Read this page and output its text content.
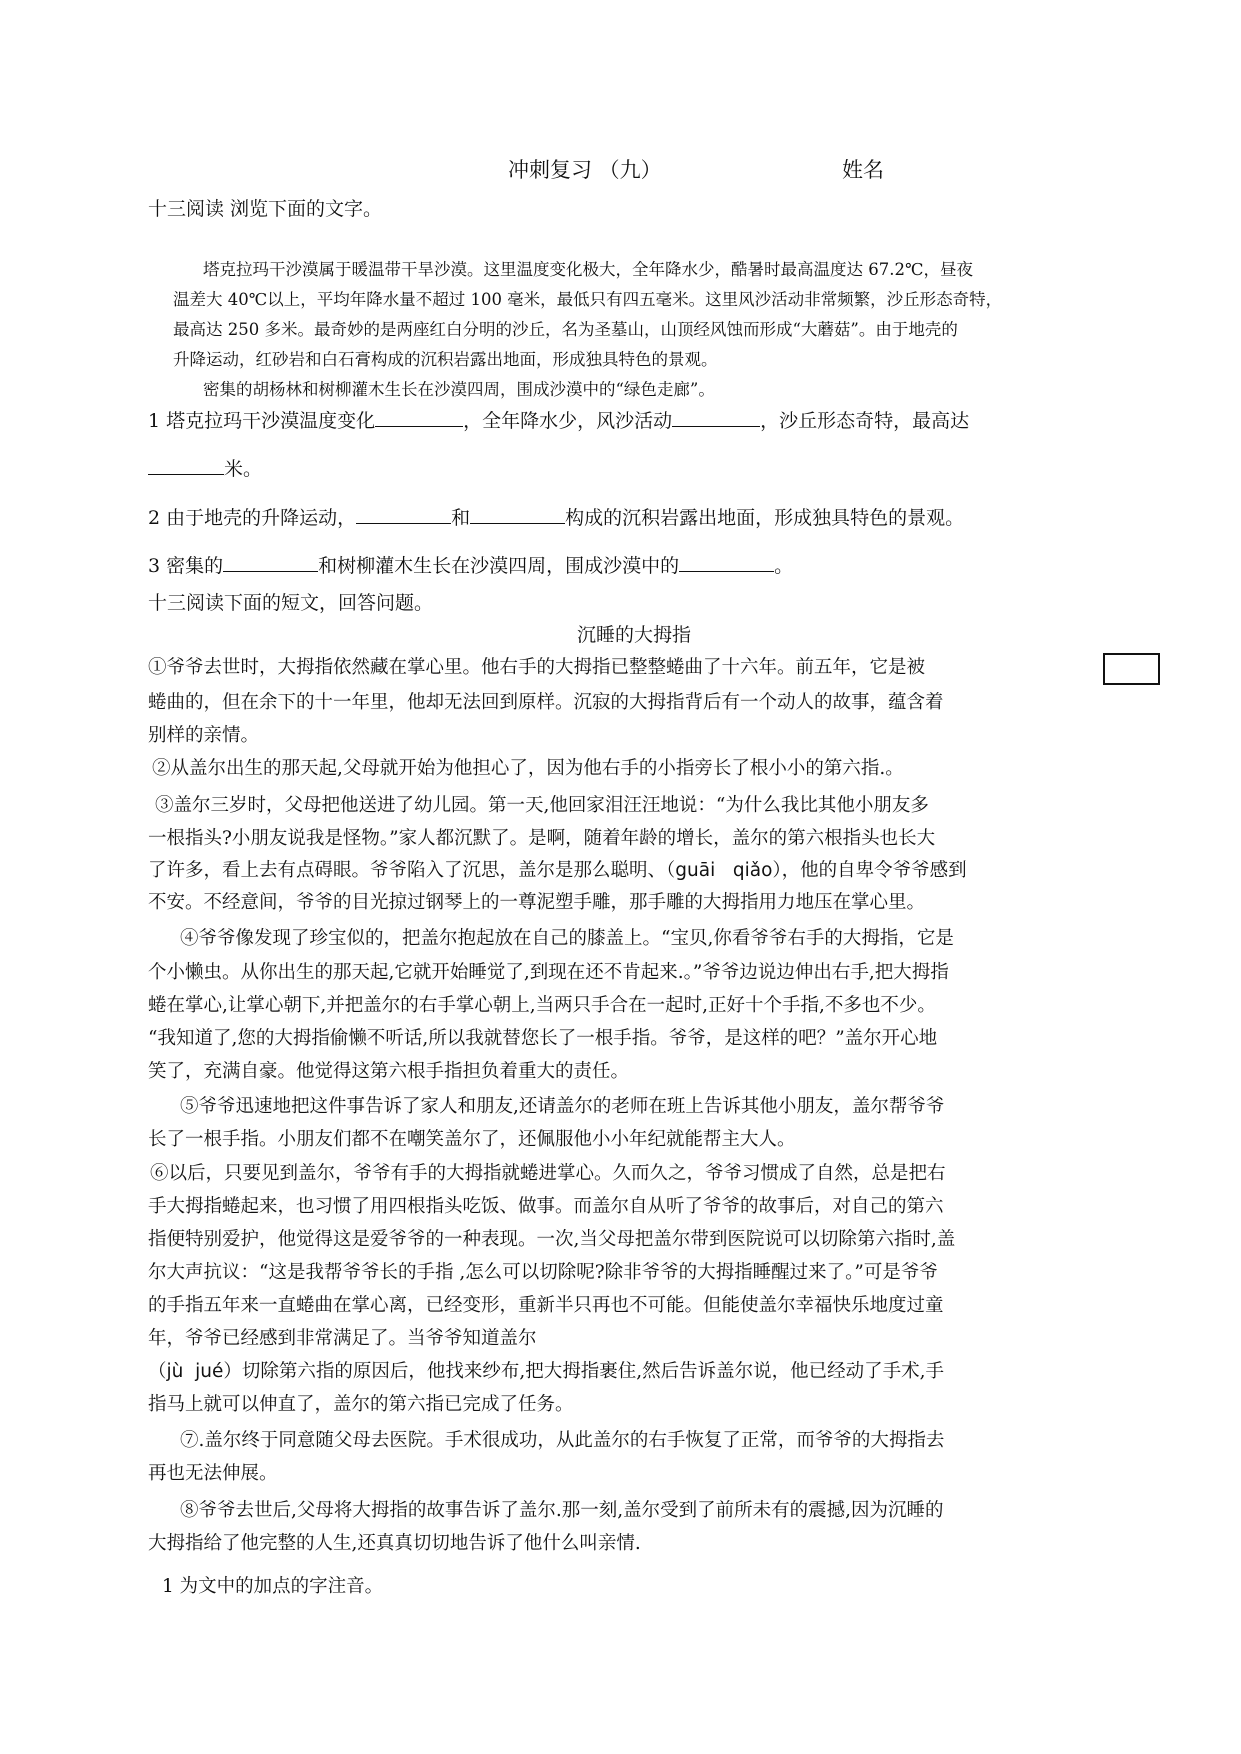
冲刺复习 （九）	姓名
十三阅读 浏览下面的文字。
塔克拉玛干沙漠属于暖温带干旱沙漠。这里温度变化极大，全年降水少，酷暑时最高温度达 67.2℃，昼夜
温差大 40℃以上，平均年降水量不超过 100 毫米，最低只有四五毫米。这里风沙活动非常频繁，沙丘形态奇特，
最高达 250 多米。最奇妙的是两座红白分明的沙丘，名为圣墓山，山顶经风蚀而形成“大蘑菇”。由于地壳的
升降运动，红砂岩和白石膏构成的沉积岩露出地面，形成独具特色的景观。
密集的胡杨林和树柳灌木生长在沙漠四周，围成沙漠中的“绿色走廊”。
1 塔克拉玛干沙漠温度变化	，全年降水少，风沙活动	，沙丘形态奇特，最高达
米。
2 由于地壳的升降运动，	和	构成的沉积岩露出地面，形成独具特色的景观。
3 密集的	和树柳灌木生长在沙漠四周，围成沙漠中的	。
十三阅读下面的短文，回答问题。
沉睡的大拇指
①爷爷去世时，大拇指依然藏在掌心里。他右手的大拇指已整整蜷曲了十六年。前五年，它是被
蜷曲的，但在余下的十一年里，他却无法回到原样。沉寂的大拇指背后有一个动人的故事，蕴含着
别样的亲情。
②从盖尔出生的那天起,父母就开始为他担心了，因为他右手的小指旁长了根小小的第六指.。
③盖尔三岁时，父母把他送进了幼儿园。第一天,他回家泪汪汪地说：“为什么我比其他小朋友多
一根指头?小朋友说我是怪物。”家人都沉默了。是啊，随着年龄的增长，盖尔的第六根指头也长大
了许多，看上去有点碍眼。爷爷陷入了沉思，盖尔是那么聪明、（guāi   qiǎo），他的自卑令爷爷感到
不安。不经意间，爷爷的目光掠过钢琴上的一尊泥塑手雕，那手雕的大拇指用力地压在掌心里。
④爷爷像发现了珍宝似的，把盖尔抱起放在自己的膝盖上。“宝贝,你看爷爷右手的大拇指，它是
个小懒虫。从你出生的那天起,它就开始睡觉了,到现在还不肯起来.。”爷爷边说边伸出右手,把大拇指
蜷在掌心,让掌心朝下,并把盖尔的右手掌心朝上,当两只手合在一起时,正好十个手指,不多也不少。
“我知道了,您的大拇指偷懒不听话,所以我就替您长了一根手指。爷爷，是这样的吧？”盖尔开心地
笑了，充满自豪。他觉得这第六根手指担负着重大的责任。
⑤爷爷迅速地把这件事告诉了家人和朋友,还请盖尔的老师在班上告诉其他小朋友，盖尔帮爷爷
长了一根手指。小朋友们都不在嘲笑盖尔了，还佩服他小小年纪就能帮主大人。
⑥以后，只要见到盖尔，爷爷有手的大拇指就蜷进掌心。久而久之，爷爷习惯成了自然，总是把右
手大拇指蜷起来，也习惯了用四根指头吃饭、做事。而盖尔自从听了爷爷的故事后，对自己的第六
指便特别爱护，他觉得这是爱爷爷的一种表现。一次,当父母把盖尔带到医院说可以切除第六指时,盖
尔大声抗议：“这是我帮爷爷长的手指 ,怎么可以切除呢?除非爷爷的大拇指睡醒过来了。”可是爷爷
的手指五年来一直蜷曲在掌心离，已经变形，重新半只再也不可能。但能使盖尔幸福快乐地度过童
年，爷爷已经感到非常满足了。当爷爷知道盖尔
（jù  jué）切除第六指的原因后，他找来纱布,把大拇指裹住,然后告诉盖尔说，他已经动了手术,手
指马上就可以伸直了，盖尔的第六指已完成了任务。
⑦.盖尔终于同意随父母去医院。手术很成功，从此盖尔的右手恢复了正常，而爷爷的大拇指去
再也无法伸展。
⑧爷爷去世后,父母将大拇指的故事告诉了盖尔.那一刻,盖尔受到了前所未有的震撼,因为沉睡的
大拇指给了他完整的人生,还真真切切地告诉了他什么叫亲情.
1 为文中的加点的字注音。
